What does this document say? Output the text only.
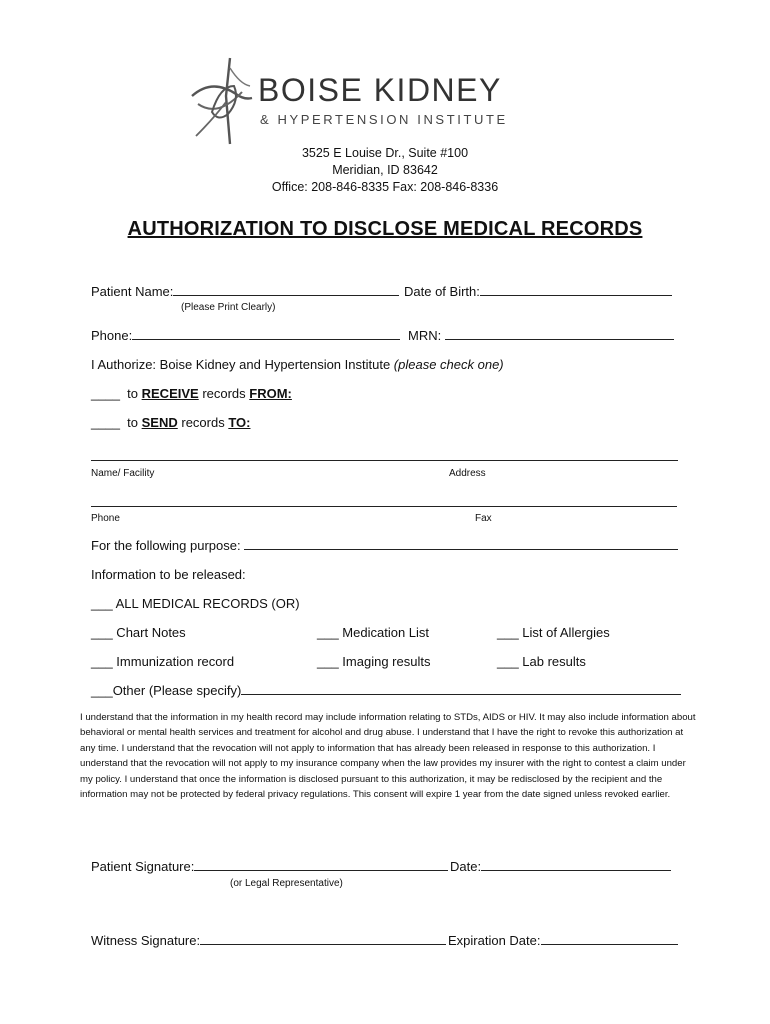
BOISE KIDNEY
& HYPERTENSION INSTITUTE
3525 E Louise Dr., Suite #100
Meridian, ID 83642
Office: 208-846-8335 Fax: 208-846-8336
AUTHORIZATION TO DISCLOSE MEDICAL RECORDS
Patient Name:	Date of Birth:
(Please Print Clearly)
Phone:	MRN:
I Authorize: Boise Kidney and Hypertension Institute (please check one)
____ to RECEIVE records FROM:
____ to SEND records TO:
Name/ Facility	Address
Phone	Fax
For the following purpose:
Information to be released:
___ ALL MEDICAL RECORDS (OR)
___ Chart Notes	___ Medication List	___ List of Allergies
___ Immunization record	___ Imaging results	___ Lab results
___Other (Please specify)
I understand that the information in my health record may include information relating to STDs, AIDS or HIV. It may also include information about behavioral or mental health services and treatment for alcohol and drug abuse. I understand that I have the right to revoke this authorization at any time. I understand that the revocation will not apply to information that has already been released in response to this authorization. I understand that the revocation will not apply to my insurance company when the law provides my insurer with the right to contest a claim under my policy. I understand that once the information is disclosed pursuant to this authorization, it may be redisclosed by the recipient and the information may not be protected by federal privacy regulations. This consent will expire 1 year from the date signed unless revoked earlier.
Patient Signature:	Date:
(or Legal Representative)
Witness Signature:	Expiration Date:
